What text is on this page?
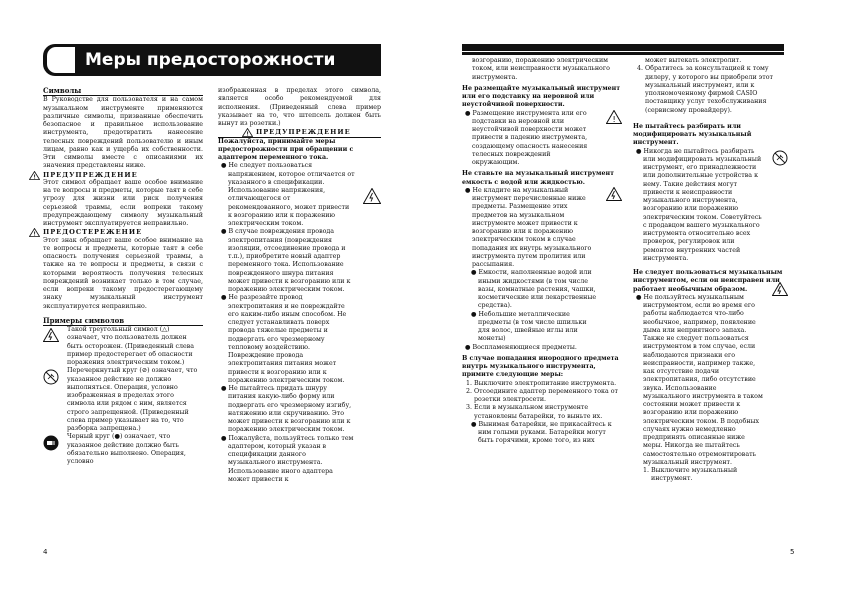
Меры предосторожности
Символы

В Руководстве для пользователя и на самом музыкальном инструменте применяются различные символы, призванные обеспечить безопасное и правильное использование инструмента, предотвратить нанесение телесных повреждений пользователю и иным лицам, равно как и ущерба их собственности. Эти символы вместе с описаниями их значения представлены ниже.

! ПРЕДУПРЕЖДЕНИЕ

Этот символ обращает ваше особое внимание на те вопросы и предметы, которые таят в себе угрозу для жизни или риск получения серьезной травмы, если вопреки такому предупреждающему символу музыкальный инструмент эксплуатируется неправильно.

! ПРЕДОСТЕРЕЖЕНИЕ

Этот знак обращает ваше особое внимание на те вопросы и предметы, которые таят в себе опасность получения серьезной травмы, а также на те вопросы и предметы, в связи с которыми вероятность получения телесных повреждений возникает только в том случае, если вопреки такому предостерегающему знаку музыкальный инструмент эксплуатируется неправильно.

Примеры символов
Такой треугольный символ (△) означает, что пользователь должен быть осторожен. (Приведенный слева пример предостерегает об опасности поражения электрическим током.)
Перечеркнутый круг (⊘) означает, что указанное действие не должно выполняться. Операция, условно изображенная в пределах этого символа или рядом с ним, является строго запрещенной. (Приведенный слева пример указывает на то, что разборка запрещена.)
Черный круг (●) означает, что указанное действие должно быть обязательно выполнено. Операция, условно

изображенная в пределах этого символа, является особо рекомендуемой для исполнения. (Приведенный слева пример указывает на то, что штепсель должен быть вынут из розетки.)

! ПРЕДУПРЕЖДЕНИЕ

Пожалуйста, принимайте меры предосторожности при обращении с адаптером переменного тока.

● Не следует пользоваться напряжением, которое отличается от указанного в спецификации. Использование напряжения, отличающегося от рекомендованного, может привести к возгоранию или к поражению электрическим током.

● В случае повреждения провода электропитания (повреждения изоляции, отсоединение провода и т.п.), приобретите новый адаптер переменного тока. Использование поврежденного шнура питания может привести к возгоранию или к поражению электрическим током.

● Не разрезайте провод электропитания и не повреждайте его каким-либо иным способом. Не следует устанавливать поверх провода тяжелые предметы и подвергать его чрезмерному тепловому воздействию. Повреждение провода электропитания питания может привести к возгоранию или к поражению электрическим током.

● Не пытайтесь придать шнуру питания какую-либо форму или подвергать его чрезмерному изгибу, натяжению или скручиванию. Это может привести к возгоранию или к поражению электрическим током.

● Пожалуйста, пользуйтесь только тем адаптером, который указан в спецификации данного музыкального инструмента. Использование иного адаптера может привести к

возгоранию, поражению электрическим током, или неисправности музыкального инструмента.

Не размещайте музыкальный инструмент или его подставку на неровной или неустойчивой поверхности.

!

● Размещение инструмента или его подставки на неровной или неустойчивой поверхности может привести в падению инструмента, создающему опасность нанесения телесных повреждений окружающим.

Не ставьте на музыкальный инструмент емкость с водой или жидкостью.

● Не кладите на музыкальный инструмент перечисленные ниже предметы. Размещение этих предметов на музыкальном инструменте может привести к возгоранию или к поражению электрическим током в случае попадания их внутрь музыкального инструмента путем пролития или рассыпания.

● Емкости, наполненные водой или иными жидкостями (в том числе вазы, комнатные растения, чашки, косметические или лекарственные средства).

● Небольшие металлические предметы (в том числе шпильки для волос, швейные иглы или монеты)

● Воспламеняющиеся предметы.

В случае попадания инородного предмета внутрь музыкального инструмента, примите следующие меры:

1. Выключите электропитание инструмента.

2. Отсоедините адаптер переменного тока от розетки электросети.

3. Если в музыкальном инструменте установлены батарейки, то выньте их.

● Вынимая батарейки, не прикасайтесь к ним голыми руками. Батарейки могут быть горячими, кроме того, из них

может вытекать электролит.

4. Обратитесь за консультацией к тому дилеру, у которого вы приобрели этот музыкальный инструмент, или к уполномоченному фирмой CASIO поставщику услуг техобслуживания (сервисному провайдеру).

Не пытайтесь разбирать или модифицировать музыкальный инструмент.

● Никогда не пытайтесь разбирать или модифицировать музыкальный инструмент, его принадлежности или дополнительные устройства к нему. Такие действия могут привести к неисправности музыкального инструмента, возгоранию или поражению электрическим током. Советуйтесь с продавцом вашего музыкального инструмента относительно всех проверок, регулировок или ремонтов внутренних частей инструмента.

Не следует пользоваться музыкальным инструментом, если он неисправен или работает необычным образом.

● Не пользуйтесь музыкальным инструментом, если во время его работы наблюдается что-либо необычное, например, появление дыма или неприятного запаха. Также не следует пользоваться инструментом в том случае, если наблюдаются признаки его неисправности, например также, как отсутствие подачи электропитания, либо отсутствие звука. Использование музыкального инструмента в таком состоянии может привести к возгоранию или поражению электрическим током. В подобных случаях нужно немедленно предпринять описанные ниже меры. Никогда не пытайтесь самостоятельно отремонтировать музыкальный инструмент.

1. Выключите музыкальный инструмент.

4	5
